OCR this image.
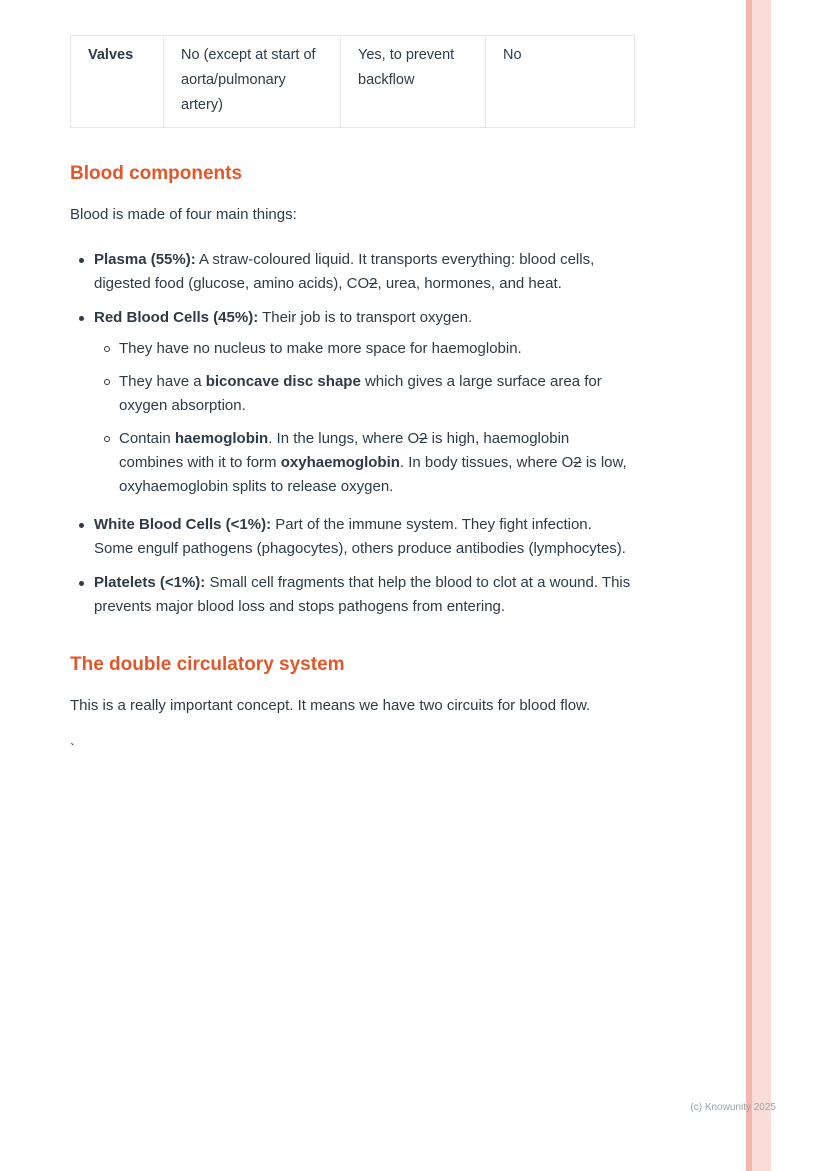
Valves	No (except at start of aorta/pulmonary artery)	Yes, to prevent backflow	No
Blood components

Blood is made of four main things:

Plasma (55%): A straw-coloured liquid. It transports everything: blood cells, digested food (glucose, amino acids), CO2, urea, hormones, and heat.
Red Blood Cells (45%): Their job is to transport oxygen.
They have no nucleus to make more space for haemoglobin.
They have a biconcave disc shape which gives a large surface area for oxygen absorption.
Contain haemoglobin. In the lungs, where O2 is high, haemoglobin combines with it to form oxyhaemoglobin. In body tissues, where O2 is low, oxyhaemoglobin splits to release oxygen.
White Blood Cells (<1%): Part of the immune system. They fight infection. Some engulf pathogens (phagocytes), others produce antibodies (lymphocytes).
Platelets (<1%): Small cell fragments that help the blood to clot at a wound. This prevents major blood loss and stops pathogens from entering.
The double circulatory system

This is a really important concept. It means we have two circuits for blood flow.

`

(c) Knowunity 2025
